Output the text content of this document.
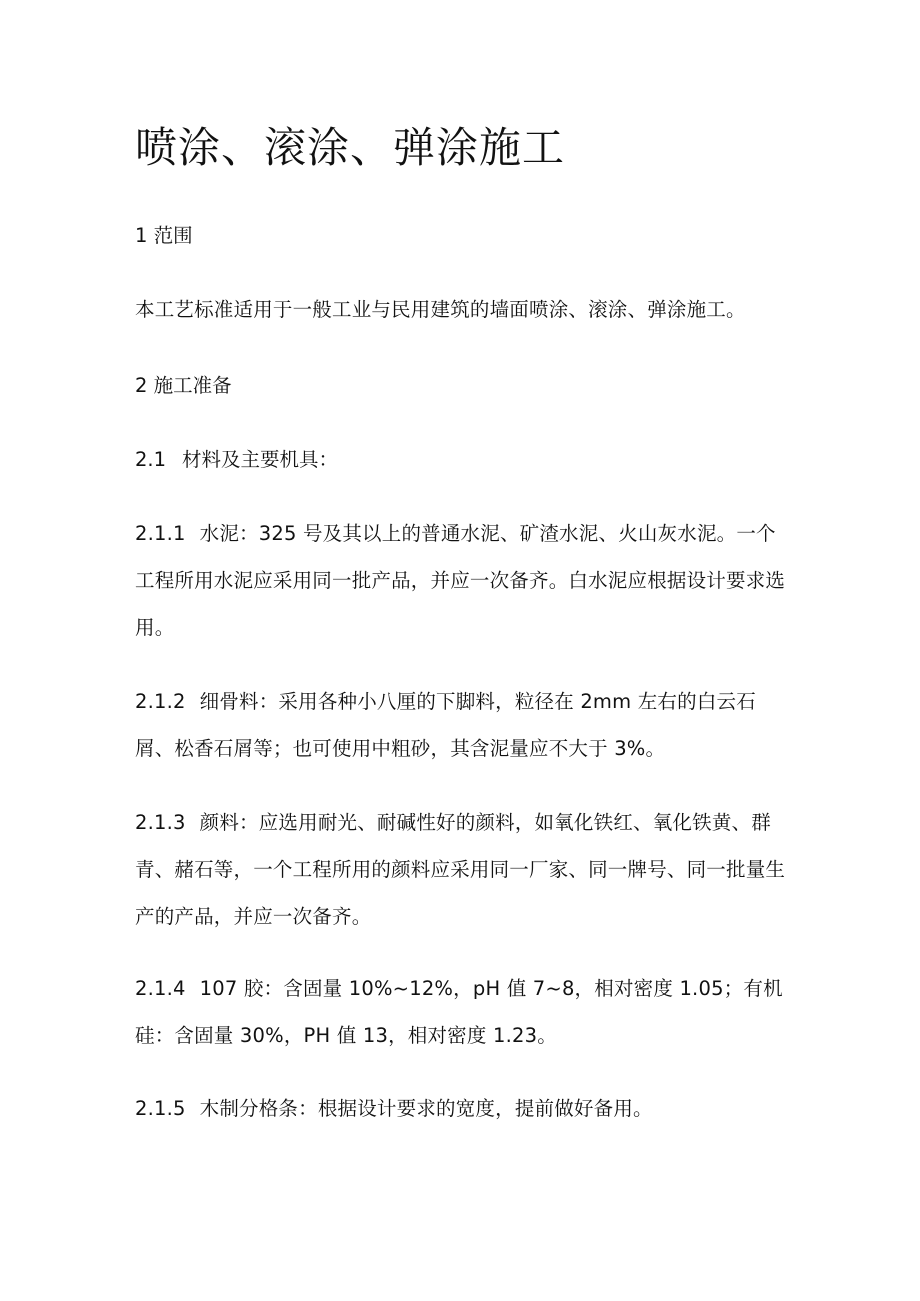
喷涂、滚涂、弹涂施工

1 范围

本工艺标准适用于一般工业与民用建筑的墙面喷涂、滚涂、弹涂施工。

2 施工准备

2.1 材料及主要机具：

2.1.1 水泥：325 号及其以上的普通水泥、矿渣水泥、火山灰水泥。一个工程所用水泥应采用同一批产品，并应一次备齐。白水泥应根据设计要求选用。

2.1.2 细骨料：采用各种小八厘的下脚料，粒径在 2mm 左右的白云石屑、松香石屑等；也可使用中粗砂，其含泥量应不大于 3%。

2.1.3 颜料：应选用耐光、耐碱性好的颜料，如氧化铁红、氧化铁黄、群青、赭石等，一个工程所用的颜料应采用同一厂家、同一牌号、同一批量生产的产品，并应一次备齐。

2.1.4 107 胶：含固量 10%~12%，pH 值 7~8，相对密度 1.05；有机硅：含固量 30%，PH 值 13，相对密度 1.23。

2.1.5 木制分格条：根据设计要求的宽度，提前做好备用。
